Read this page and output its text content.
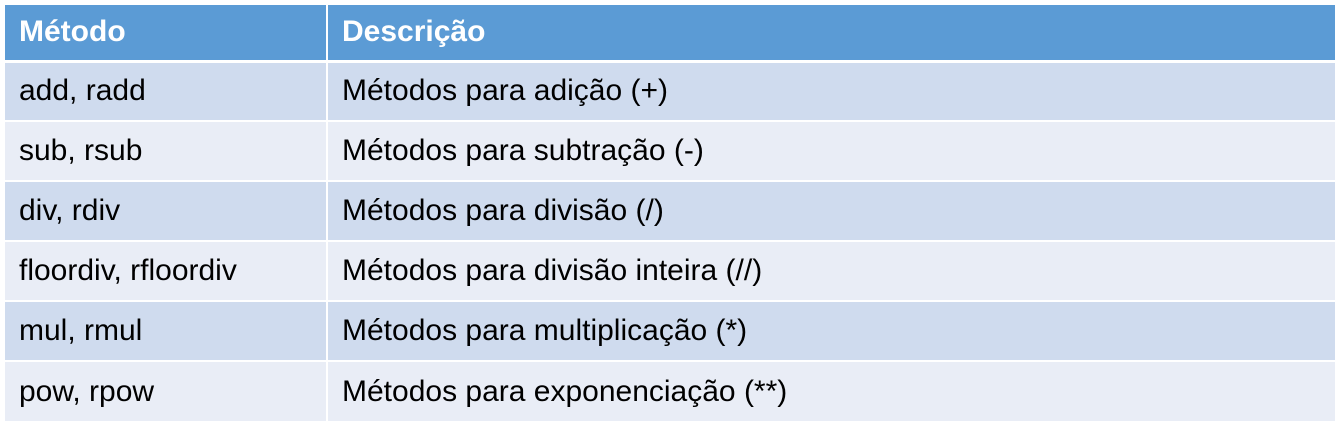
Método	Descrição
add, radd	Métodos para adição (+)
sub, rsub	Métodos para subtração (-)
div, rdiv	Métodos para divisão (/)
floordiv, rfloordiv	Métodos para divisão inteira (//)
mul, rmul	Métodos para multiplicação (*)
pow, rpow	Métodos para exponenciação (**)
